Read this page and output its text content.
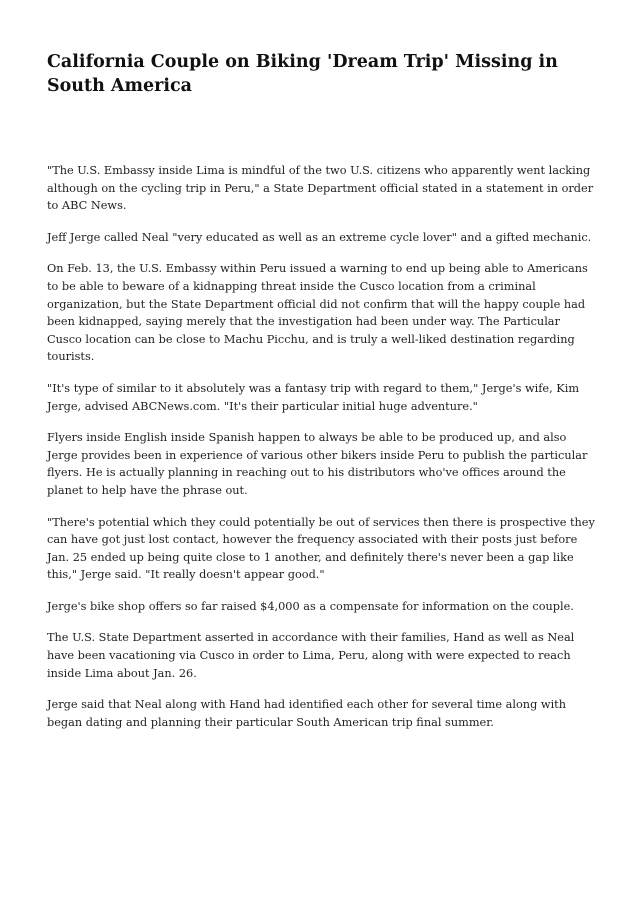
California Couple on Biking 'Dream Trip' Missing in South America

"The U.S. Embassy inside Lima is mindful of the two U.S. citizens who apparently went lacking although on the cycling trip in Peru," a State Department official stated in a statement in order to ABC News.

Jeff Jerge called Neal "very educated as well as an extreme cycle lover" and a gifted mechanic.

On Feb. 13, the U.S. Embassy within Peru issued a warning to end up being able to Americans to be able to beware of a kidnapping threat inside the Cusco location from a criminal organization, but the State Department official did not confirm that will the happy couple had been kidnapped, saying merely that the investigation had been under way. The Particular Cusco location can be close to Machu Picchu, and is truly a well-liked destination regarding tourists.

"It's type of similar to it absolutely was a fantasy trip with regard to them," Jerge's wife, Kim Jerge, advised ABCNews.com. "It's their particular initial huge adventure."

Flyers inside English inside Spanish happen to always be able to be produced up, and also Jerge provides been in experience of various other bikers inside Peru to publish the particular flyers. He is actually planning in reaching out to his distributors who've offices around the planet to help have the phrase out.

"There's potential which they could potentially be out of services then there is prospective they can have got just lost contact, however the frequency associated with their posts just before Jan. 25 ended up being quite close to 1 another, and definitely there's never been a gap like this," Jerge said. "It really doesn't appear good."

Jerge's bike shop offers so far raised $4,000 as a compensate for information on the couple.

The U.S. State Department asserted in accordance with their families, Hand as well as Neal have been vacationing via Cusco in order to Lima, Peru, along with were expected to reach inside Lima about Jan. 26.

Jerge said that Neal along with Hand had identified each other for several time along with began dating and planning their particular South American trip final summer.
